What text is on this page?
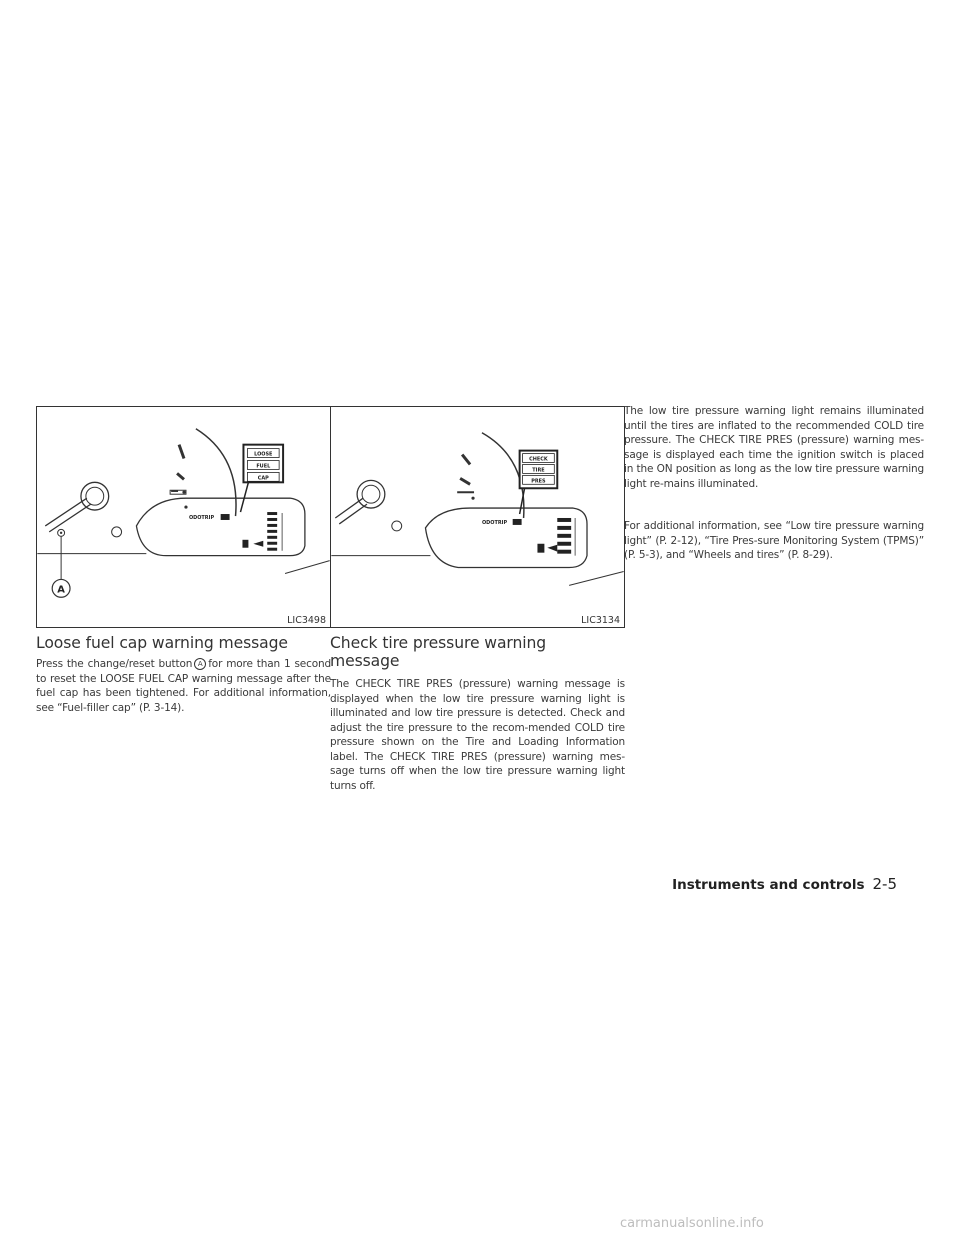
ODOTRIP
LOOSE
FUEL
CAP
A
LIC3498
ODOTRIP
CHECK
TIRE
PRES
LIC3134
Loose fuel cap warning message

Press the change/reset button A for more than 1 second to reset the LOOSE FUEL CAP warning message after the fuel cap has been tightened. For additional information, see “Fuel-filler cap” (P. 3-14).

Check tire pressure warning message

The CHECK TIRE PRES (pressure) warning message is displayed when the low tire pressure warning light is illuminated and low tire pressure is detected. Check and adjust the tire pressure to the recom-mended COLD tire pressure shown on the Tire and Loading Information label. The CHECK TIRE PRES (pressure) warning mes-sage turns off when the low tire pressure warning light turns off.

The low tire pressure warning light remains illuminated until the tires are inflated to the recommended COLD tire pressure. The CHECK TIRE PRES (pressure) warning mes-sage is displayed each time the ignition switch is placed in the ON position as long as the low tire pressure warning light re-mains illuminated.

For additional information, see “Low tire pressure warning light” (P. 2-12), “Tire Pres-sure Monitoring System (TPMS)” (P. 5-3), and “Wheels and tires” (P. 8-29).

Instruments and controls 2-5
carmanualsonline.info
